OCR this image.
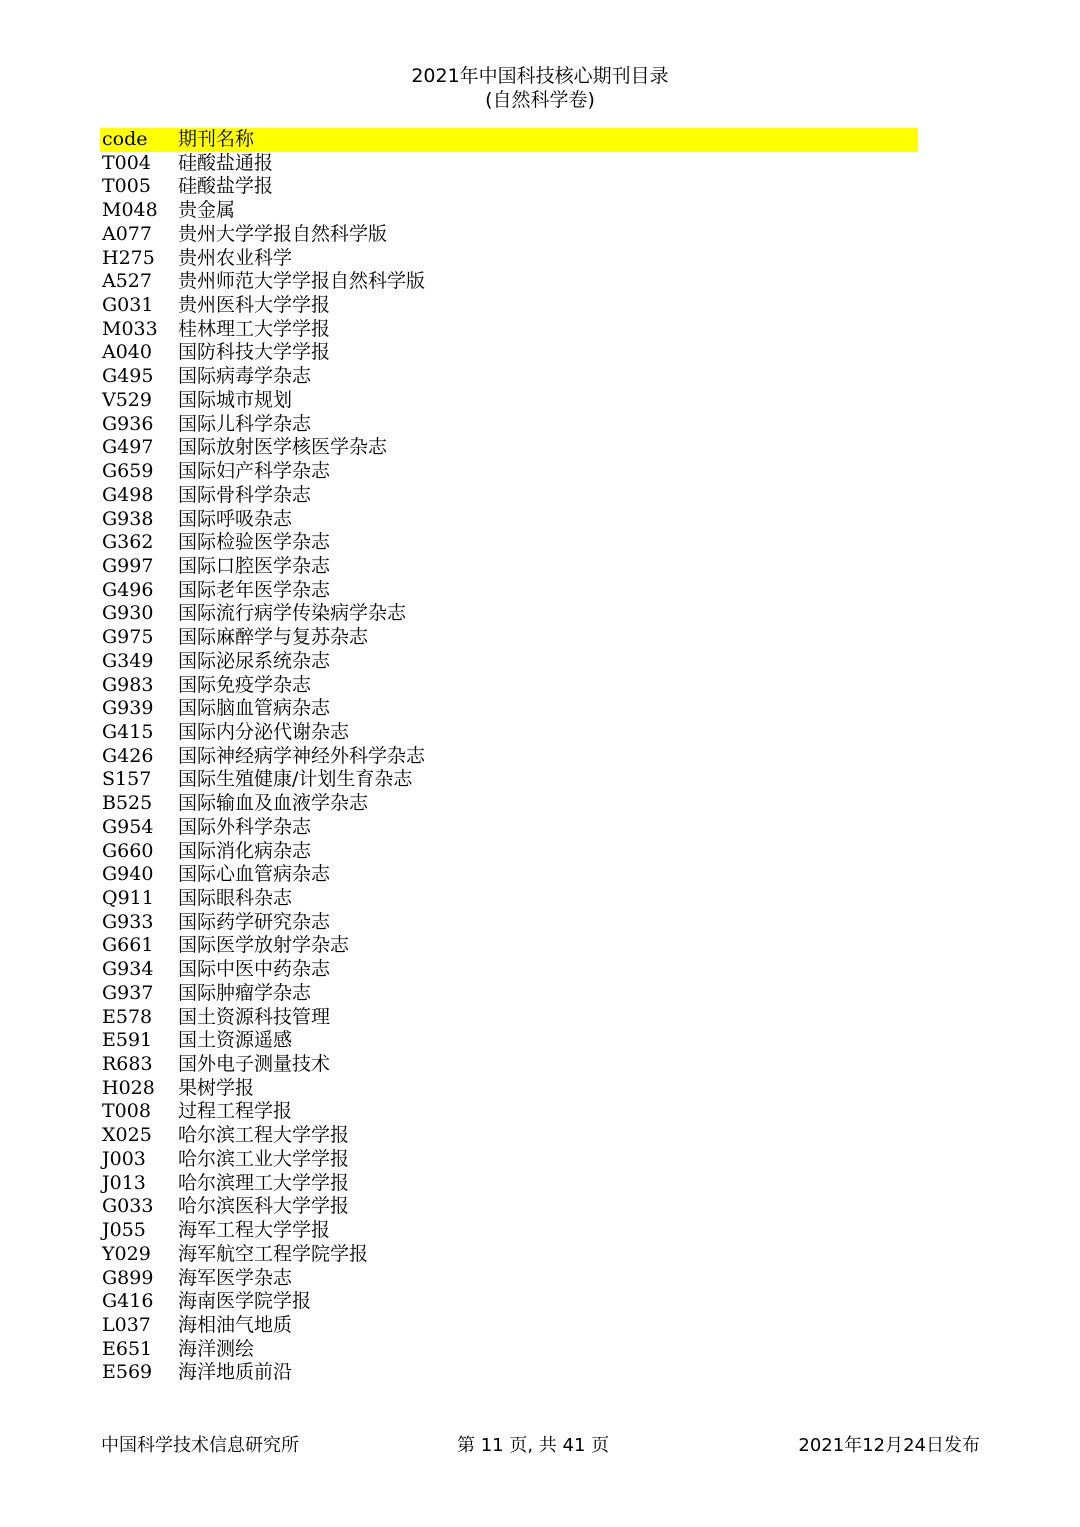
2021年中国科技核心期刊目录
(自然科学卷)
code 期刊名称
T004 硅酸盐通报
T005 硅酸盐学报
M048 贵金属
A077 贵州大学学报自然科学版
H275 贵州农业科学
A527 贵州师范大学学报自然科学版
G031 贵州医科大学学报
M033 桂林理工大学学报
A040 国防科技大学学报
G495 国际病毒学杂志
V529 国际城市规划
G936 国际儿科学杂志
G497 国际放射医学核医学杂志
G659 国际妇产科学杂志
G498 国际骨科学杂志
G938 国际呼吸杂志
G362 国际检验医学杂志
G997 国际口腔医学杂志
G496 国际老年医学杂志
G930 国际流行病学传染病学杂志
G975 国际麻醉学与复苏杂志
G349 国际泌尿系统杂志
G983 国际免疫学杂志
G939 国际脑血管病杂志
G415 国际内分泌代谢杂志
G426 国际神经病学神经外科学杂志
S157 国际生殖健康/计划生育杂志
B525 国际输血及血液学杂志
G954 国际外科学杂志
G660 国际消化病杂志
G940 国际心血管病杂志
Q911 国际眼科杂志
G933 国际药学研究杂志
G661 国际医学放射学杂志
G934 国际中医中药杂志
G937 国际肿瘤学杂志
E578 国土资源科技管理
E591 国土资源遥感
R683 国外电子测量技术
H028 果树学报
T008 过程工程学报
X025 哈尔滨工程大学学报
J003 哈尔滨工业大学学报
J013 哈尔滨理工大学学报
G033 哈尔滨医科大学学报
J055 海军工程大学学报
Y029 海军航空工程学院学报
G899 海军医学杂志
G416 海南医学院学报
L037 海相油气地质
E651 海洋测绘
E569 海洋地质前沿
中国科学技术信息研究所	第 11 页, 共 41 页	2021年12月24日发布
